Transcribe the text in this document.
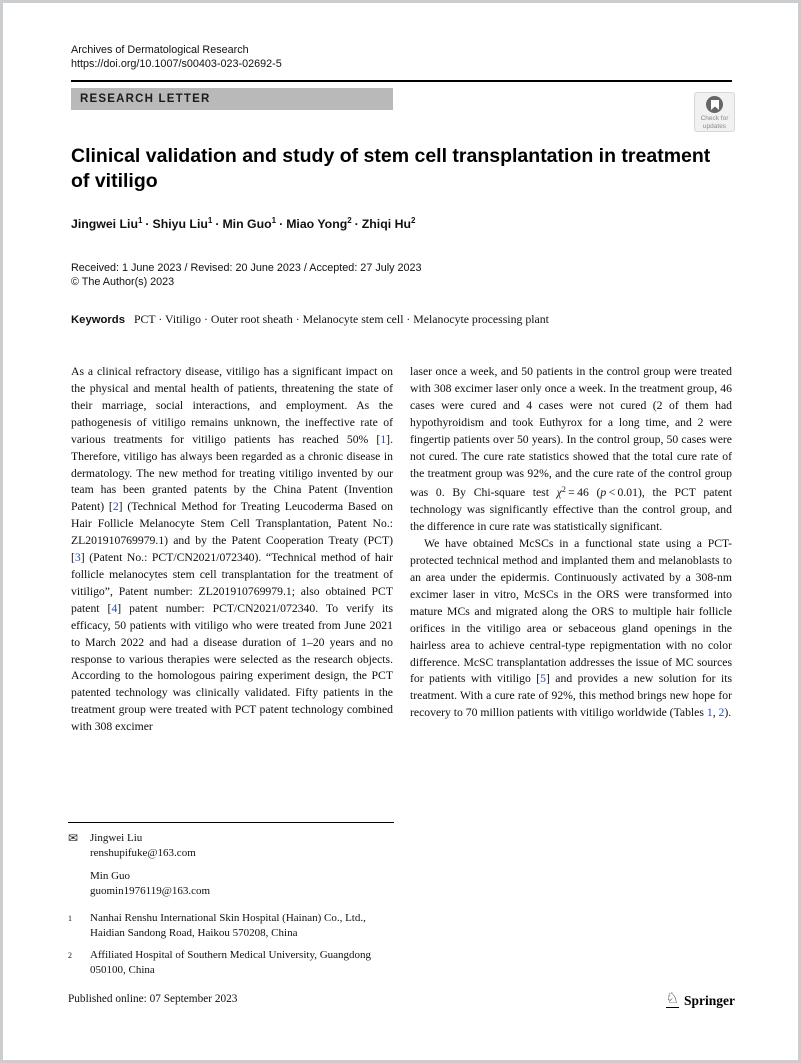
Archives of Dermatological Research
https://doi.org/10.1007/s00403-023-02692-5
RESEARCH LETTER
Check for
updates
Clinical validation and study of stem cell transplantation in treatment of vitiligo
Jingwei Liu$^1$ · Shiyu Liu$^1$ · Min Guo$^1$ · Miao Yong$^2$ · Zhiqi Hu$^2$
Received: 1 June 2023 / Revised: 20 June 2023 / Accepted: 27 July 2023
© The Author(s) 2023
Keywords PCT · Vitiligo · Outer root sheath · Melanocyte stem cell · Melanocyte processing plant

As a clinical refractory disease, vitiligo has a significant impact on the physical and mental health of patients, threatening the state of their marriage, social interactions, and employment. As the pathogenesis of vitiligo remains unknown, the ineffective rate of various treatments for vitiligo patients has reached 50% [1]. Therefore, vitiligo has always been regarded as a chronic disease in dermatology. The new method for treating vitiligo invented by our team has been granted patents by the China Patent (Invention Patent) [2] (Technical Method for Treating Leucoderma Based on Hair Follicle Melanocyte Stem Cell Transplantation, Patent No.: ZL201910769979.1) and by the Patent Cooperation Treaty (PCT) [3] (Patent No.: PCT/CN2021/072340). “Technical method of hair follicle melanocytes stem cell transplantation for the treatment of vitiligo”, Patent number: ZL201910769979.1; also obtained PCT patent [4] patent number: PCT/CN2021/072340. To verify its efficacy, 50 patients with vitiligo who were treated from June 2021 to March 2022 and had a disease duration of 1–20 years and no response to various therapies were selected as the research objects. According to the homologous pairing experiment design, the PCT patented technology was clinically validated. Fifty patients in the treatment group were treated with PCT patent technology combined with 308 excimer

laser once a week, and 50 patients in the control group were treated with 308 excimer laser only once a week. In the treatment group, 46 cases were cured and 4 cases were not cured (2 of them had hypothyroidism and took Euthyrox for a long time, and 2 were fingertip patients over 50 years). In the control group, 50 cases were not cured. The cure rate statistics showed that the total cure rate of the treatment group was 92%, and the cure rate of the control group was 0. By Chi-square test $\chi^2 = 46$ (p < 0.01), the PCT patent technology was significantly effective than the control group, and the difference in cure rate was statistically significant.

We have obtained McSCs in a functional state using a PCT-protected technical method and implanted them and melanoblasts to an area under the epidermis. Continuously activated by a 308-nm excimer laser in vitro, McSCs in the ORS were transformed into mature MCs and migrated along the ORS to multiple hair follicle orifices in the vitiligo area or sebaceous gland openings in the hairless area to achieve central-type repigmentation with no color difference. McSC transplantation addresses the issue of MC sources for patients with vitiligo [5] and provides a new solution for its treatment. With a cure rate of 92%, this method brings new hope for recovery to 70 million patients with vitiligo worldwide (Tables 1, 2).

✉	Jingwei Liu
renshupifuke@163.com
Min Guo
guomin1976119@163.com
1	Nanhai Renshu International Skin Hospital (Hainan) Co., Ltd., Haidian Sandong Road, Haikou 570208, China
2	Affiliated Hospital of Southern Medical University, Guangdong 050100, China
Published online: 07 September 2023	♘ Springer
